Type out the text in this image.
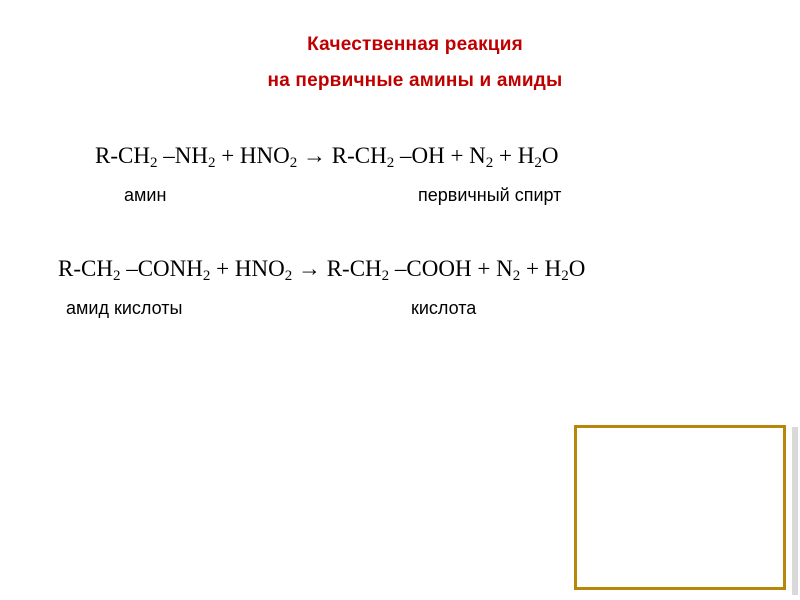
Качественная реакция
на первичные амины и амиды
$R-CH_2$ $-NH_2 + HNO_2 \to R-CH_2$ $-OH + N_2 + H_2O$
амин	первичный спирт
$R-CH_2$ $-CONH_2 + HNO_2 \to R-CH_2$ –COOH + $N_2 + H_2O$
амид кислоты	кислота
